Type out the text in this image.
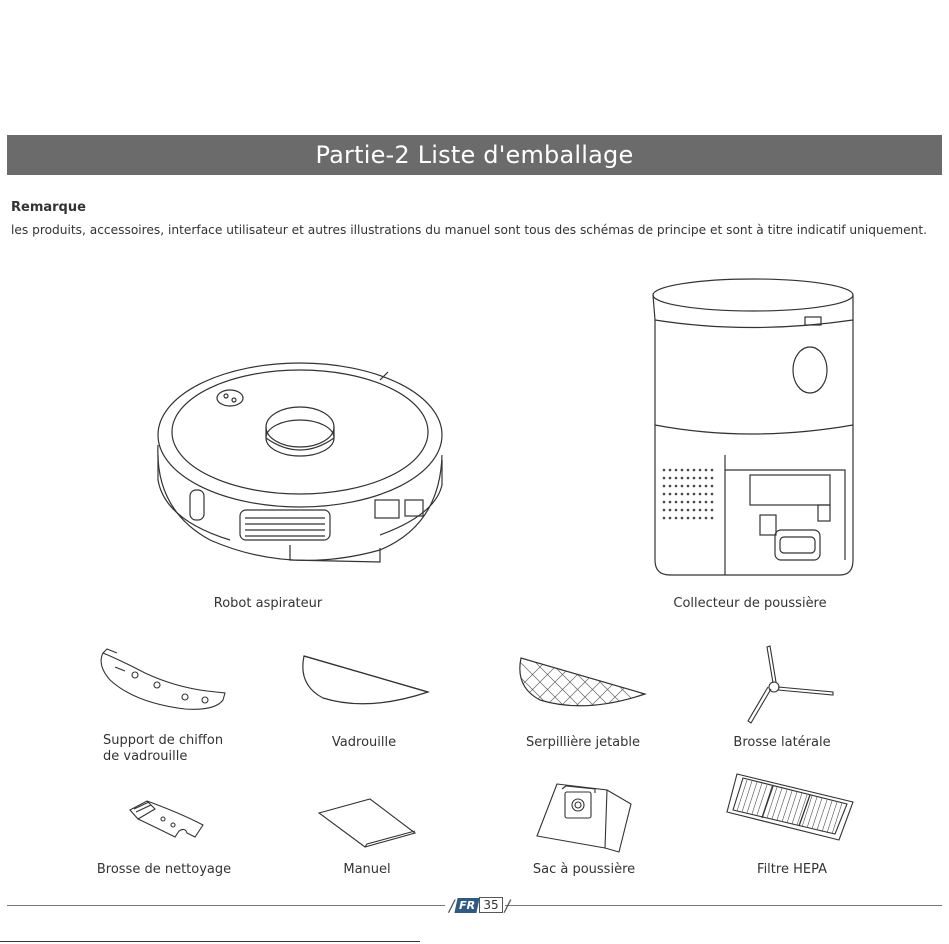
Partie-2 Liste d'emballage
Remarque
les produits, accessoires, interface utilisateur et autres illustrations du manuel sont tous des schémas de principe et sont à titre indicatif uniquement.
Robot aspirateur	Collecteur de poussière
Support de chiffon
de vadrouille
Vadrouille	Serpillière jetable	Brosse latérale
Brosse de nettoyage	Manuel	Sac à poussière	Filtre HEPA
/ FR 35 /
